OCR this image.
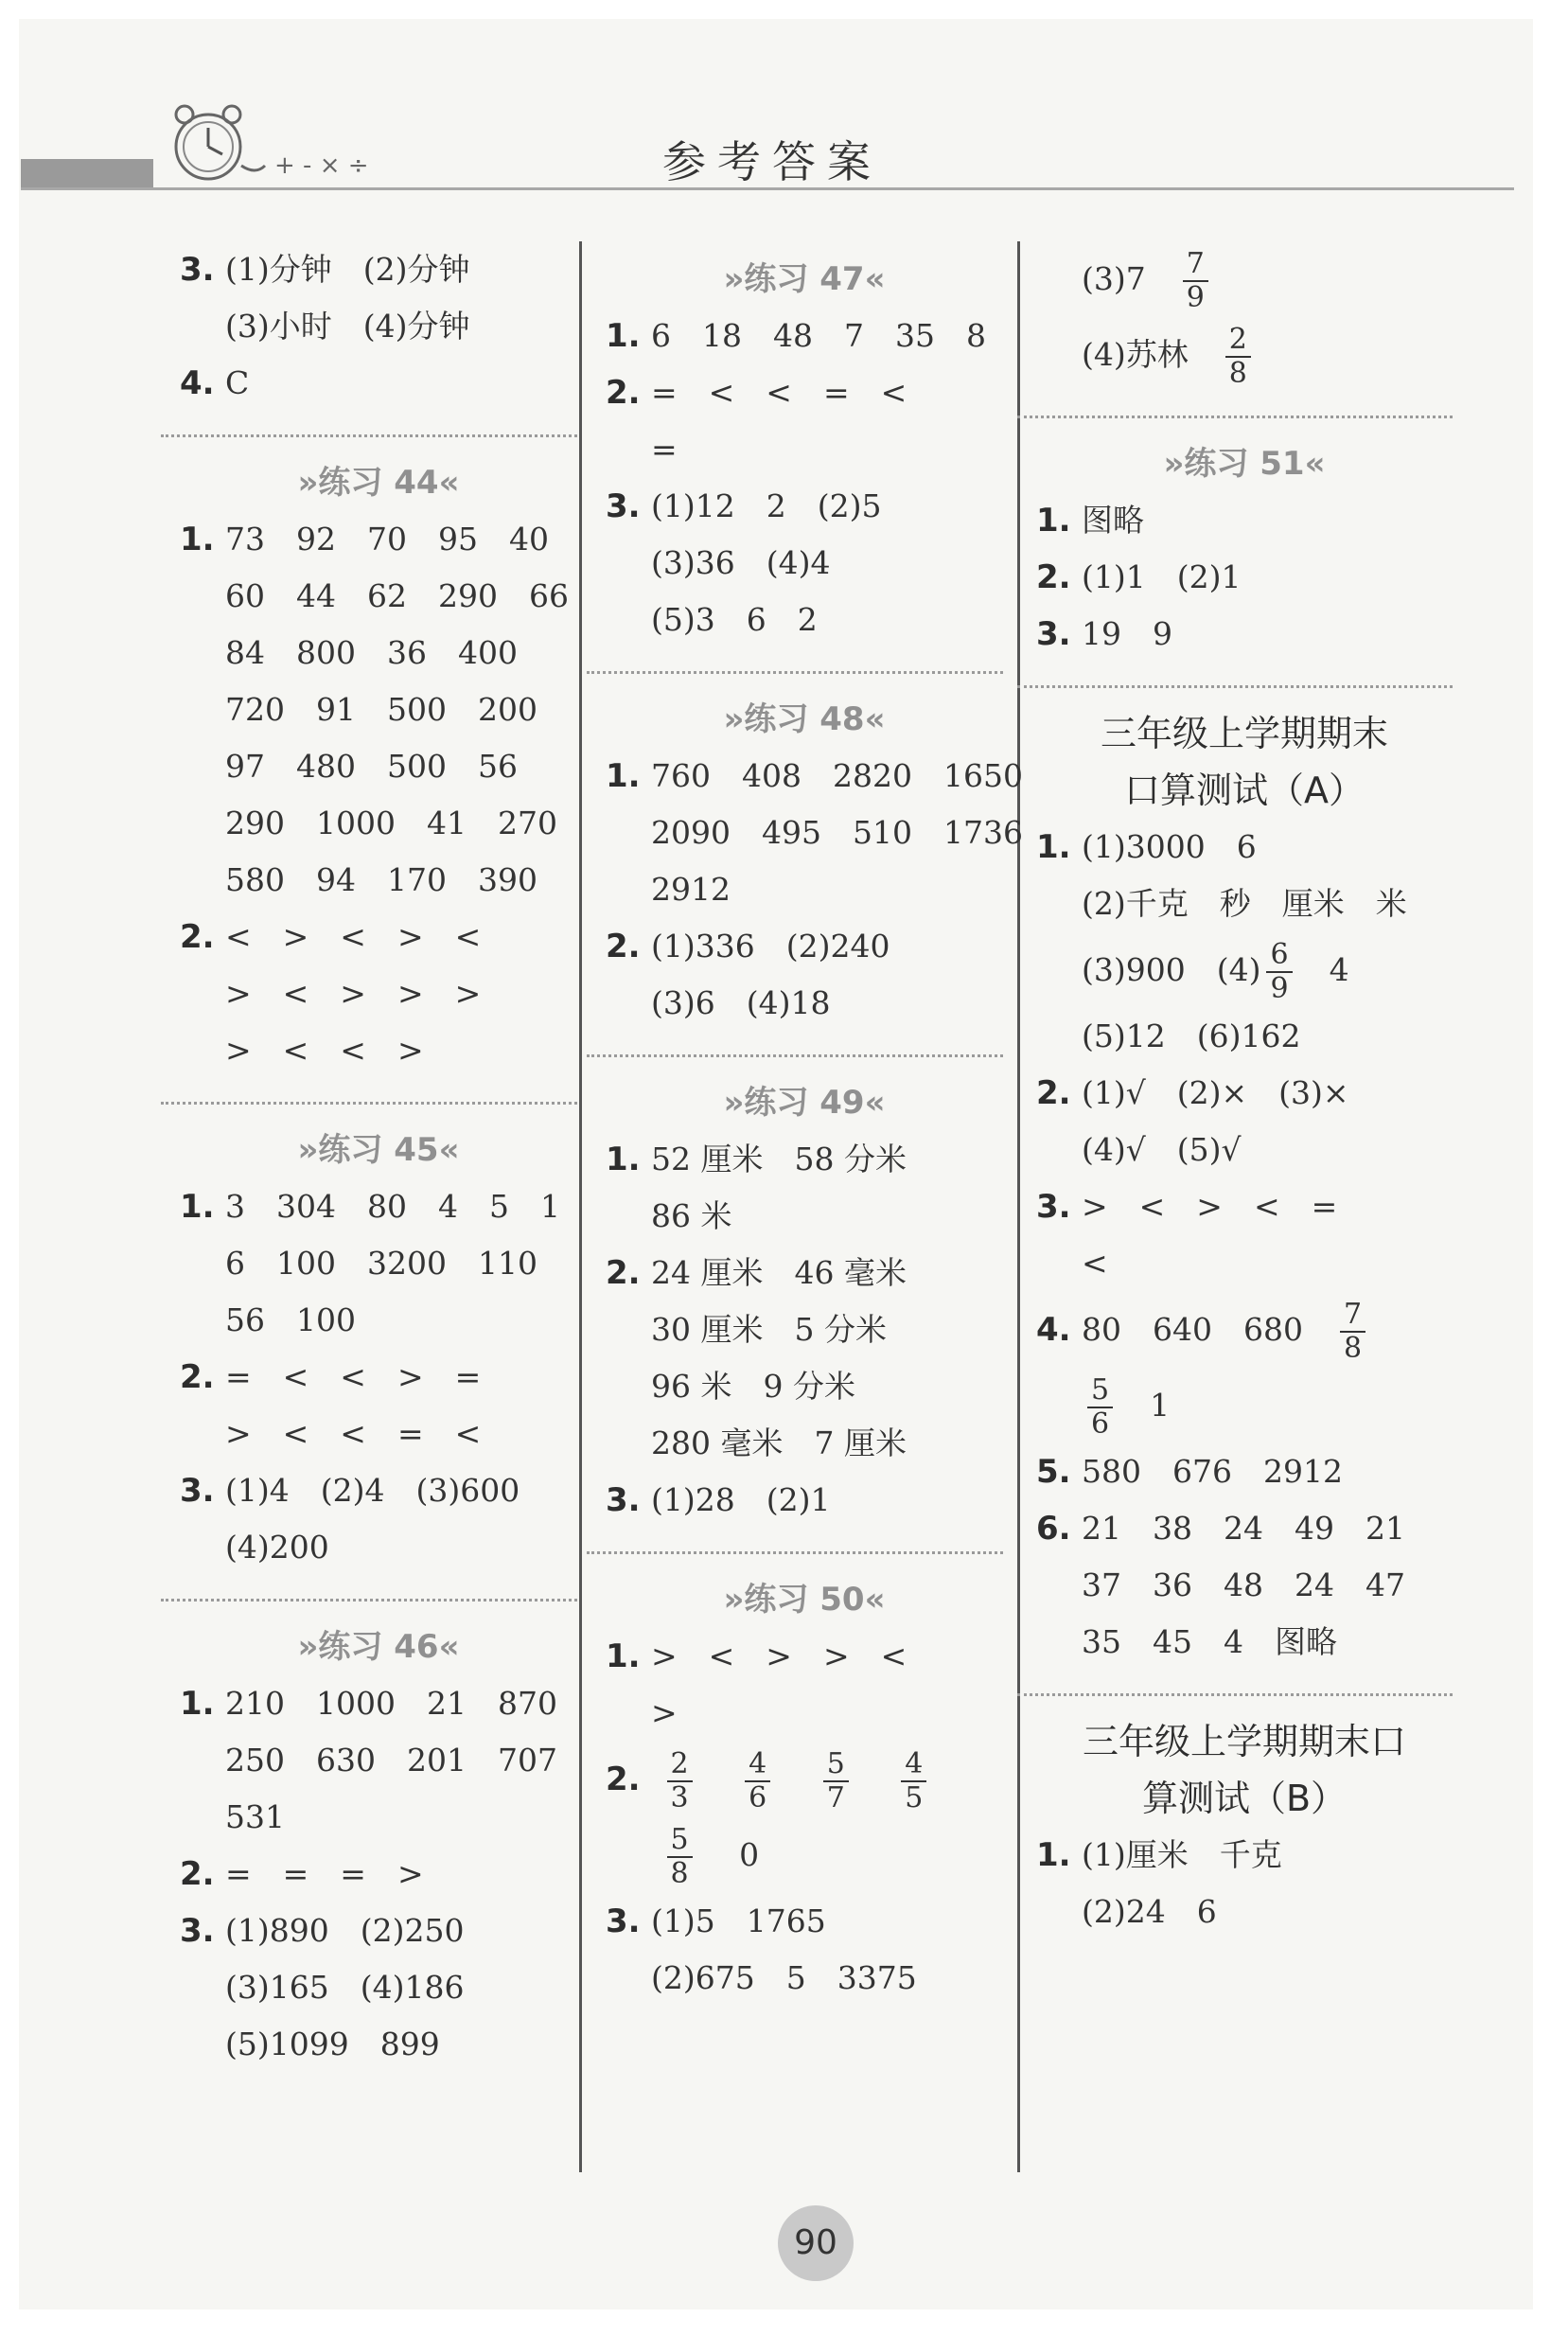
+ - × ÷	参考答案
3. (1)分钟　(2)分钟
(3)小时　(4)分钟
4. C
»练习 44«
1. 73　92　70　95　40
60　44　62　290　66
84　800　36　400
720　91　500　200
97　480　500　56
290　1000　41　270
580　94　170　390
2. <　>　<　>　<
>　<　>　>　>
>　<　<　>
»练习 45«
1. 3　304　80　4　5　1
6　100　3200　110
56　100
2. =　<　<　>　=
>　<　<　=　<
3. (1)4　(2)4　(3)600
(4)200
»练习 46«
1. 210　1000　21　870
250　630　201　707
531
2. =　=　=　>
3. (1)890　(2)250
(3)165　(4)186
(5)1099　899
»练习 47«
1. 6　18　48　7　35　8
2. =　<　<　=　<
=
3. (1)12　2　(2)5
(3)36　(4)4
(5)3　6　2
»练习 48«
1. 760　408　2820　1650
2090　495　510　1736
2912
2. (1)336　(2)240
(3)6　(4)18
»练习 49«
1. 52 厘米　58 分米
86 米
2. 24 厘米　46 毫米
30 厘米　5 分米
96 米　9 分米
280 毫米　7 厘米
3. (1)28　(2)1
»练习 50«
1. >　<　>　>　<
>
2. $\frac{2}{3}$
　 $\frac{4}{6}$
　 $\frac{5}{7}$
　 $\frac{4}{5}$

$\frac{5}{8}$
　 0
3. (1)5　1765
(2)675　5　3375
(3)7　 $\frac{7}{9}$
(4)苏林　 $\frac{2}{8}$
»练习 51«
1. 图略
2. (1)1　(2)1
3. 19　9
三年级上学期期末
口算测试（A）
1. (1)3000　6
(2)千克　秒　厘米　米
(3)900　$(4) \frac{6}{9}$
　 4
(5)12　(6)162
2. (1)√　(2)×　(3)×
(4)√　(5)√
3. >　<　>　<　=
<
4. 80　640　680　 $\frac{7}{8}$
$\frac{5}{6}$
　 1
5. 580　676　2912
6. 21　38　24　49　21
37　36　48　24　47
35　45　4　图略
三年级上学期期末口
算测试（B）
1. (1)厘米　千克
(2)24　6
90
